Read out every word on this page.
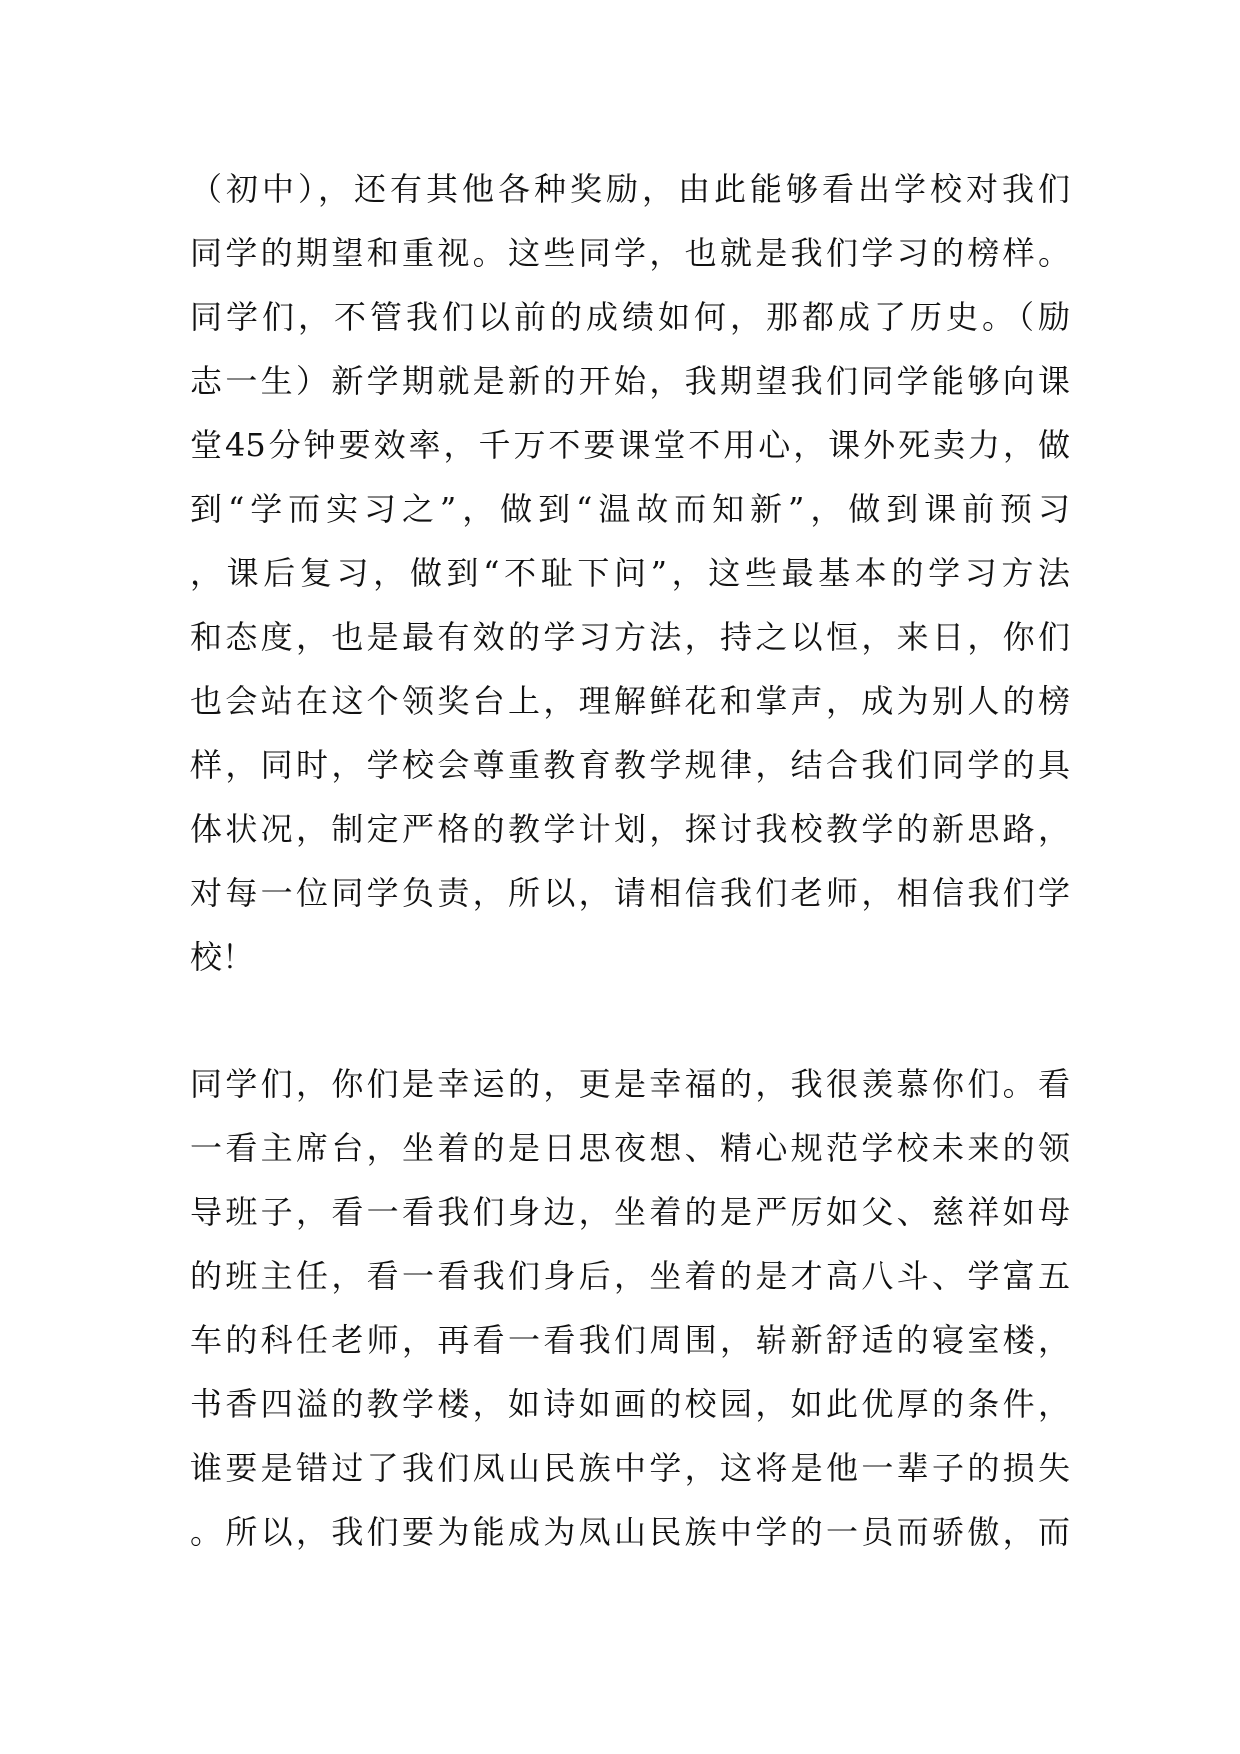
（初中），还有其他各种奖励，由此能够看出学校对我们
同学的期望和重视。这些同学，也就是我们学习的榜样。
同学们，不管我们以前的成绩如何，那都成了历史。（励
志一生）新学期就是新的开始，我期望我们同学能够向课
堂45分钟要效率，千万不要课堂不用心，课外死卖力，做
到“学而实习之”，做到“温故而知新”，做到课前预习
，课后复习，做到“不耻下问”，这些最基本的学习方法
和态度，也是最有效的学习方法，持之以恒，来日，你们
也会站在这个领奖台上，理解鲜花和掌声，成为别人的榜
样，同时，学校会尊重教育教学规律，结合我们同学的具
体状况，制定严格的教学计划，探讨我校教学的新思路，
对每一位同学负责，所以，请相信我们老师，相信我们学
校！
同学们，你们是幸运的，更是幸福的，我很羡慕你们。看
一看主席台，坐着的是日思夜想、精心规范学校未来的领
导班子，看一看我们身边，坐着的是严厉如父、慈祥如母
的班主任，看一看我们身后，坐着的是才高八斗、学富五
车的科任老师，再看一看我们周围，崭新舒适的寝室楼，
书香四溢的教学楼，如诗如画的校园，如此优厚的条件，
谁要是错过了我们凤山民族中学，这将是他一辈子的损失
。所以，我们要为能成为凤山民族中学的一员而骄傲，而
